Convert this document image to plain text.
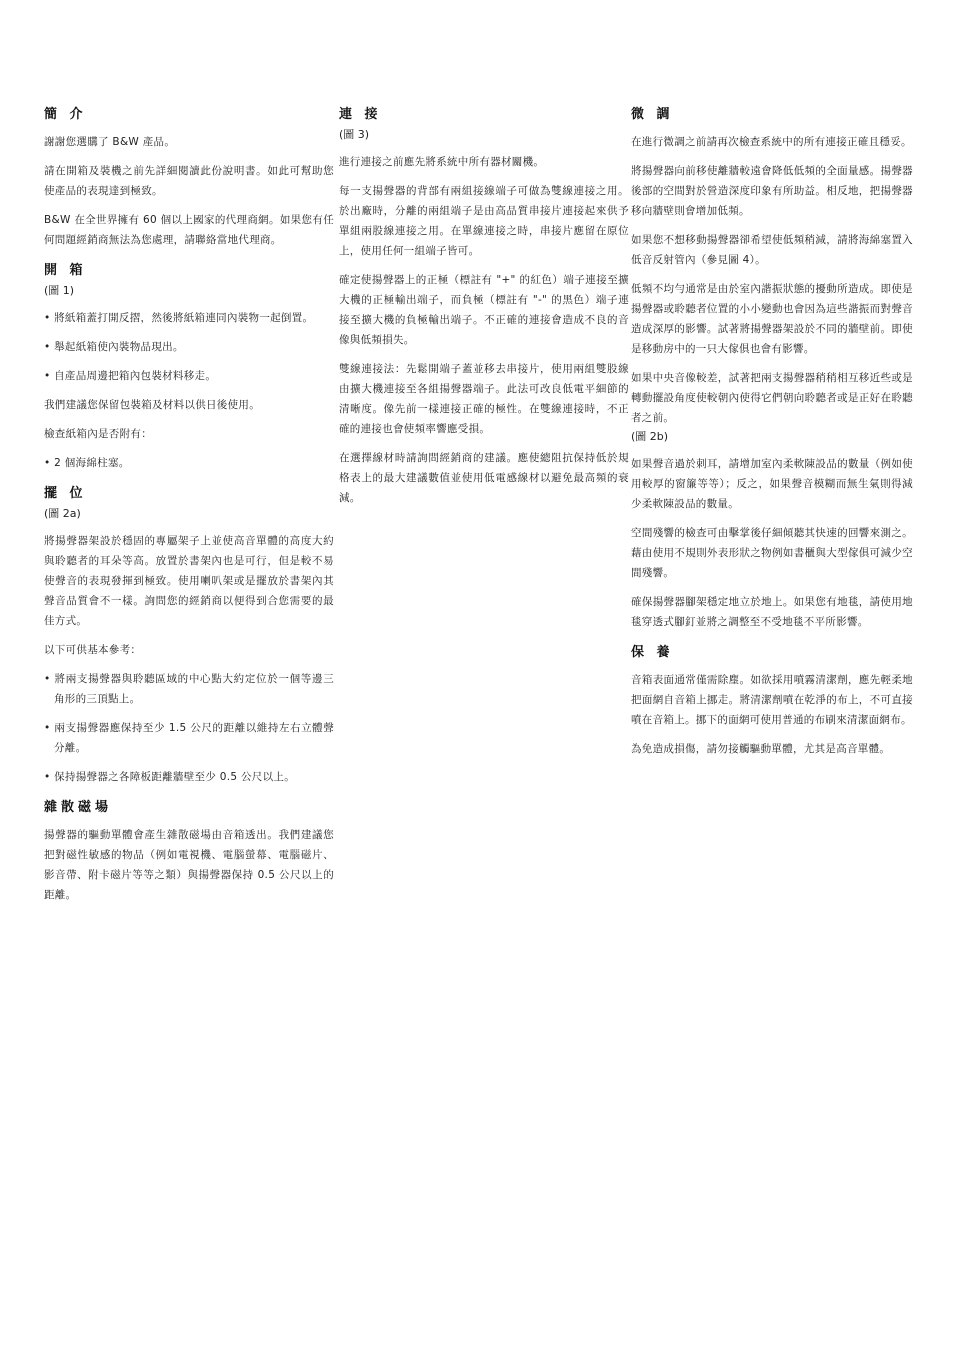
簡 介

謝謝您選購了 B&W 產品。

請在開箱及裝機之前先詳細閱讀此份說明書。如此可幫助您使產品的表現達到極致。

B&W 在全世界擁有 60 個以上國家的代理商網。如果您有任何問題經銷商無法為您處理，請聯絡當地代理商。

開 箱
(圖 1)

• 將紙箱蓋打開反摺，然後將紙箱連同內裝物一起倒置。

• 舉起紙箱使內裝物品現出。

• 自產品周邊把箱內包裝材料移走。

我們建議您保留包裝箱及材料以供日後使用。

檢查紙箱內是否附有：

• 2 個海綿柱塞。

擺 位
(圖 2a)

將揚聲器架設於穩固的專屬架子上並使高音單體的高度大約與聆聽者的耳朵等高。放置於書架內也是可行，但是較不易使聲音的表現發揮到極致。使用喇叭架或是擺放於書架內其聲音品質會不一樣。詢問您的經銷商以便得到合您需要的最佳方式。

以下可供基本參考：

• 將兩支揚聲器與聆聽區域的中心點大約定位於一個等邊三角形的三頂點上。

• 兩支揚聲器應保持至少 1.5 公尺的距離以維持左右立體聲分離。

• 保持揚聲器之各障板距離牆壁至少 0.5 公尺以上。

雜散磁場

揚聲器的驅動單體會產生雜散磁場由音箱透出。我們建議您把對磁性敏感的物品（例如電視機、電腦螢幕、電腦磁片、影音帶、附卡磁片等等之類）與揚聲器保持 0.5 公尺以上的距離。

連 接
(圖 3)

進行連接之前應先將系統中所有器材關機。

每一支揚聲器的背部有兩組接線端子可做為雙線連接之用。於出廠時，分離的兩組端子是由高品質串接片連接起來供予單組兩股線連接之用。在單線連接之時，串接片應留在原位上，使用任何一組端子皆可。

確定使揚聲器上的正極（標註有 "+" 的紅色）端子連接至擴大機的正極輸出端子，而負極（標註有 "-" 的黑色）端子連接至擴大機的負極輸出端子。不正確的連接會造成不良的音像與低頻損失。

雙線連接法：先鬆開端子蓋並移去串接片，使用兩組雙股線由擴大機連接至各組揚聲器端子。此法可改良低電平細節的清晰度。像先前一樣連接正確的極性。在雙線連接時，不正確的連接也會使頻率響應受損。

在選擇線材時請詢問經銷商的建議。應使總阻抗保持低於規格表上的最大建議數值並使用低電感線材以避免最高頻的衰減。

微 調

在進行微調之前請再次檢查系統中的所有連接正確且穩妥。

將揚聲器向前移使離牆較遠會降低低頻的全面量感。揚聲器後部的空間對於營造深度印象有所助益。相反地，把揚聲器移向牆壁則會增加低頻。

如果您不想移動揚聲器卻希望使低頻稍減，請將海綿塞置入低音反射管內（參見圖 4）。

低頻不均勻通常是由於室內諧振狀態的擾動所造成。即使是揚聲器或聆聽者位置的小小變動也會因為這些諧振而對聲音造成深厚的影響。試著將揚聲器架設於不同的牆壁前。即使是移動房中的一只大傢俱也會有影響。

如果中央音像較差，試著把兩支揚聲器稍稍相互移近些或是轉動擺設角度使較朝內使得它們朝向聆聽者或是正好在聆聽者之前。

(圖 2b)

如果聲音過於刺耳，請增加室內柔軟陳設品的數量（例如使用較厚的窗簾等等）；反之，如果聲音模糊而無生氣則得減少柔軟陳設品的數量。

空間殘響的檢查可由擊掌後仔細傾聽其快速的回響來測之。藉由使用不規則外表形狀之物例如書櫃與大型傢俱可減少空間殘響。

確保揚聲器腳架穩定地立於地上。如果您有地毯，請使用地毯穿透式腳釘並將之調整至不受地毯不平所影響。

保 養

音箱表面通常僅需除塵。如欲採用噴霧清潔劑，應先輕柔地把面網自音箱上挪走。將清潔劑噴在乾淨的布上，不可直接噴在音箱上。挪下的面網可使用普通的布刷來清潔面網布。

為免造成損傷，請勿接觸驅動單體，尤其是高音單體。
